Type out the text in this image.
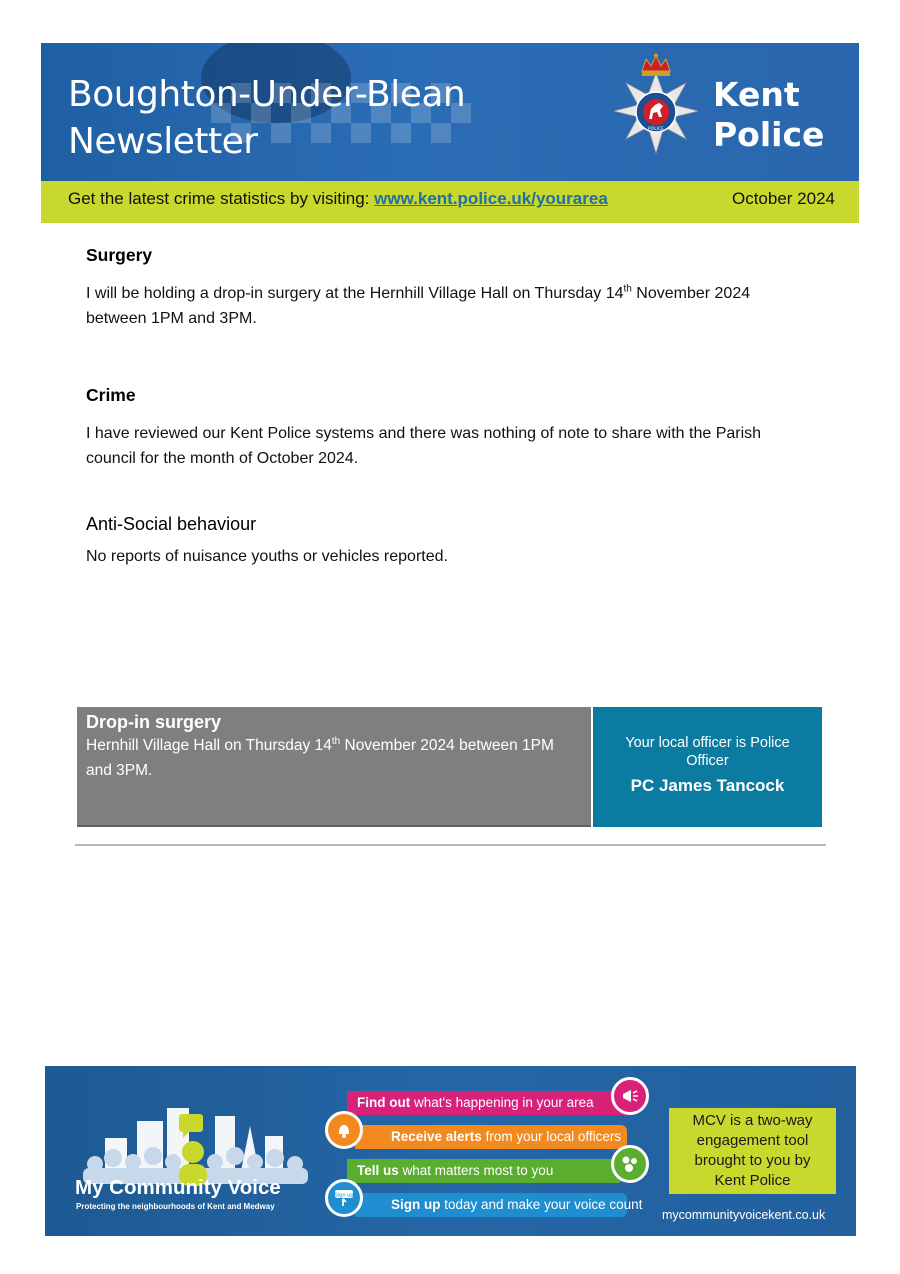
Boughton-Under-Blean
Newsletter	POLICE
Kent
Police
Get the latest crime statistics by visiting: www.kent.police.uk/yourarea	October 2024
Surgery

I will be holding a drop-in surgery at the Hernhill Village Hall on Thursday 14th November 2024 between 1PM and 3PM.

Crime

I have reviewed our Kent Police systems and there was nothing of note to share with the Parish council for the month of October 2024.

Anti-Social behaviour

No reports of nuisance youths or vehicles reported.

Drop-in surgery

Hernhill Village Hall on Thursday 14th November 2024 between 1PM and 3PM.

Your local officer is Police Officer
PC James Tancock
My Community Voice
Protecting the neighbourhoods of Kent and Medway
Find out what's happening in your area
Receive alerts from your local officers
Tell us what matters most to you
Sign up today and make your voice count
Sign up
MCV is a two-way engagement tool brought to you by Kent Police
mycommunityvoicekent.co.uk
